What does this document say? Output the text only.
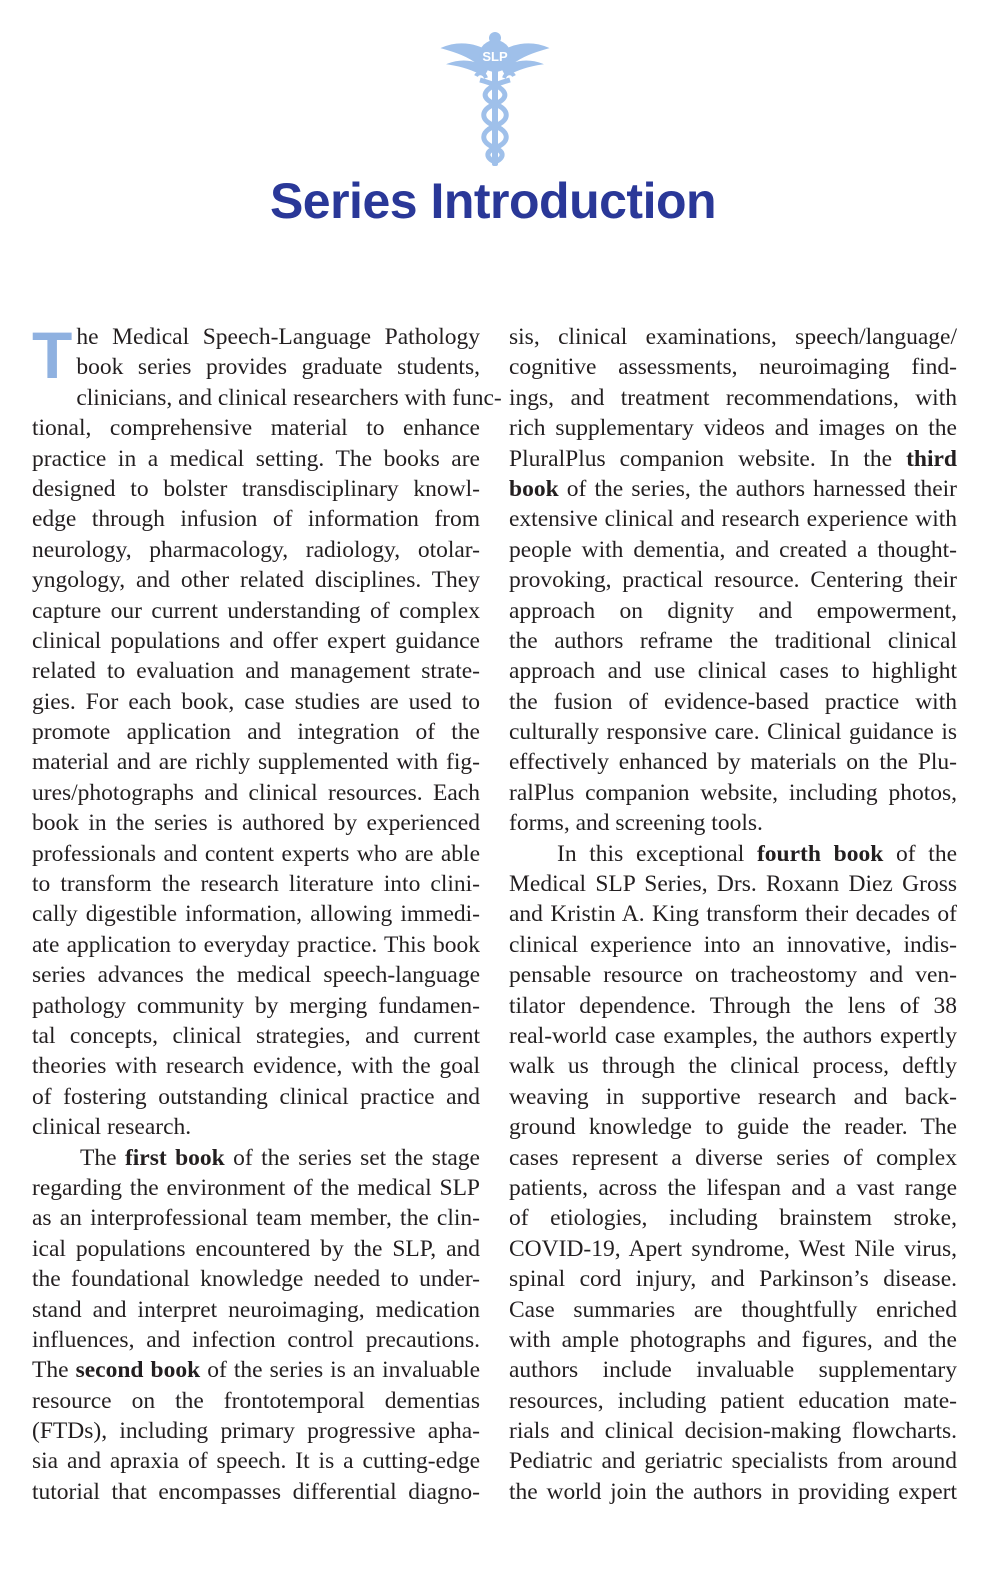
SLP
Series Introduction
T he Medical Speech-Language Pathology
book series provides graduate students,
clinicians, and clinical researchers with func-
tional, comprehensive material to enhance
practice in a medical setting. The books are
designed to bolster transdisciplinary knowl-
edge through infusion of information from
neurology, pharmacology, radiology, otolar-
yngology, and other related disciplines. They
capture our current understanding of complex
clinical populations and offer expert guidance
related to evaluation and management strate-
gies. For each book, case studies are used to
promote application and integration of the
material and are richly supplemented with fig-
ures/photographs and clinical resources. Each
book in the series is authored by experienced
professionals and content experts who are able
to transform the research literature into clini-
cally digestible information, allowing immedi-
ate application to everyday practice. This book
series advances the medical speech-language
pathology community by merging fundamen-
tal concepts, clinical strategies, and current
theories with research evidence, with the goal
of fostering outstanding clinical practice and
clinical research.
The first book of the series set the stage
regarding the environment of the medical SLP
as an interprofessional team member, the clin-
ical populations encountered by the SLP, and
the foundational knowledge needed to under-
stand and interpret neuroimaging, medication
influences, and infection control precautions.
The second book of the series is an invaluable
resource on the frontotemporal dementias
(FTDs), including primary progressive apha-
sia and apraxia of speech. It is a cutting-edge
tutorial that encompasses differential diagno-
sis, clinical examinations, speech/language/
cognitive assessments, neuroimaging find-
ings, and treatment recommendations, with
rich supplementary videos and images on the
PluralPlus companion website. In the third
book of the series, the authors harnessed their
extensive clinical and research experience with
people with dementia, and created a thought-
provoking, practical resource. Centering their
approach on dignity and empowerment,
the authors reframe the traditional clinical
approach and use clinical cases to highlight
the fusion of evidence-based practice with
culturally responsive care. Clinical guidance is
effectively enhanced by materials on the Plu-
ralPlus companion website, including photos,
forms, and screening tools.
In this exceptional fourth book of the
Medical SLP Series, Drs. Roxann Diez Gross
and Kristin A. King transform their decades of
clinical experience into an innovative, indis-
pensable resource on tracheostomy and ven-
tilator dependence. Through the lens of 38
real-world case examples, the authors expertly
walk us through the clinical process, deftly
weaving in supportive research and back-
ground knowledge to guide the reader. The
cases represent a diverse series of complex
patients, across the lifespan and a vast range
of etiologies, including brainstem stroke,
COVID-19, Apert syndrome, West Nile virus,
spinal cord injury, and Parkinson’s disease.
Case summaries are thoughtfully enriched
with ample photographs and figures, and the
authors include invaluable supplementary
resources, including patient education mate-
rials and clinical decision-making flowcharts.
Pediatric and geriatric specialists from around
the world join the authors in providing expert
